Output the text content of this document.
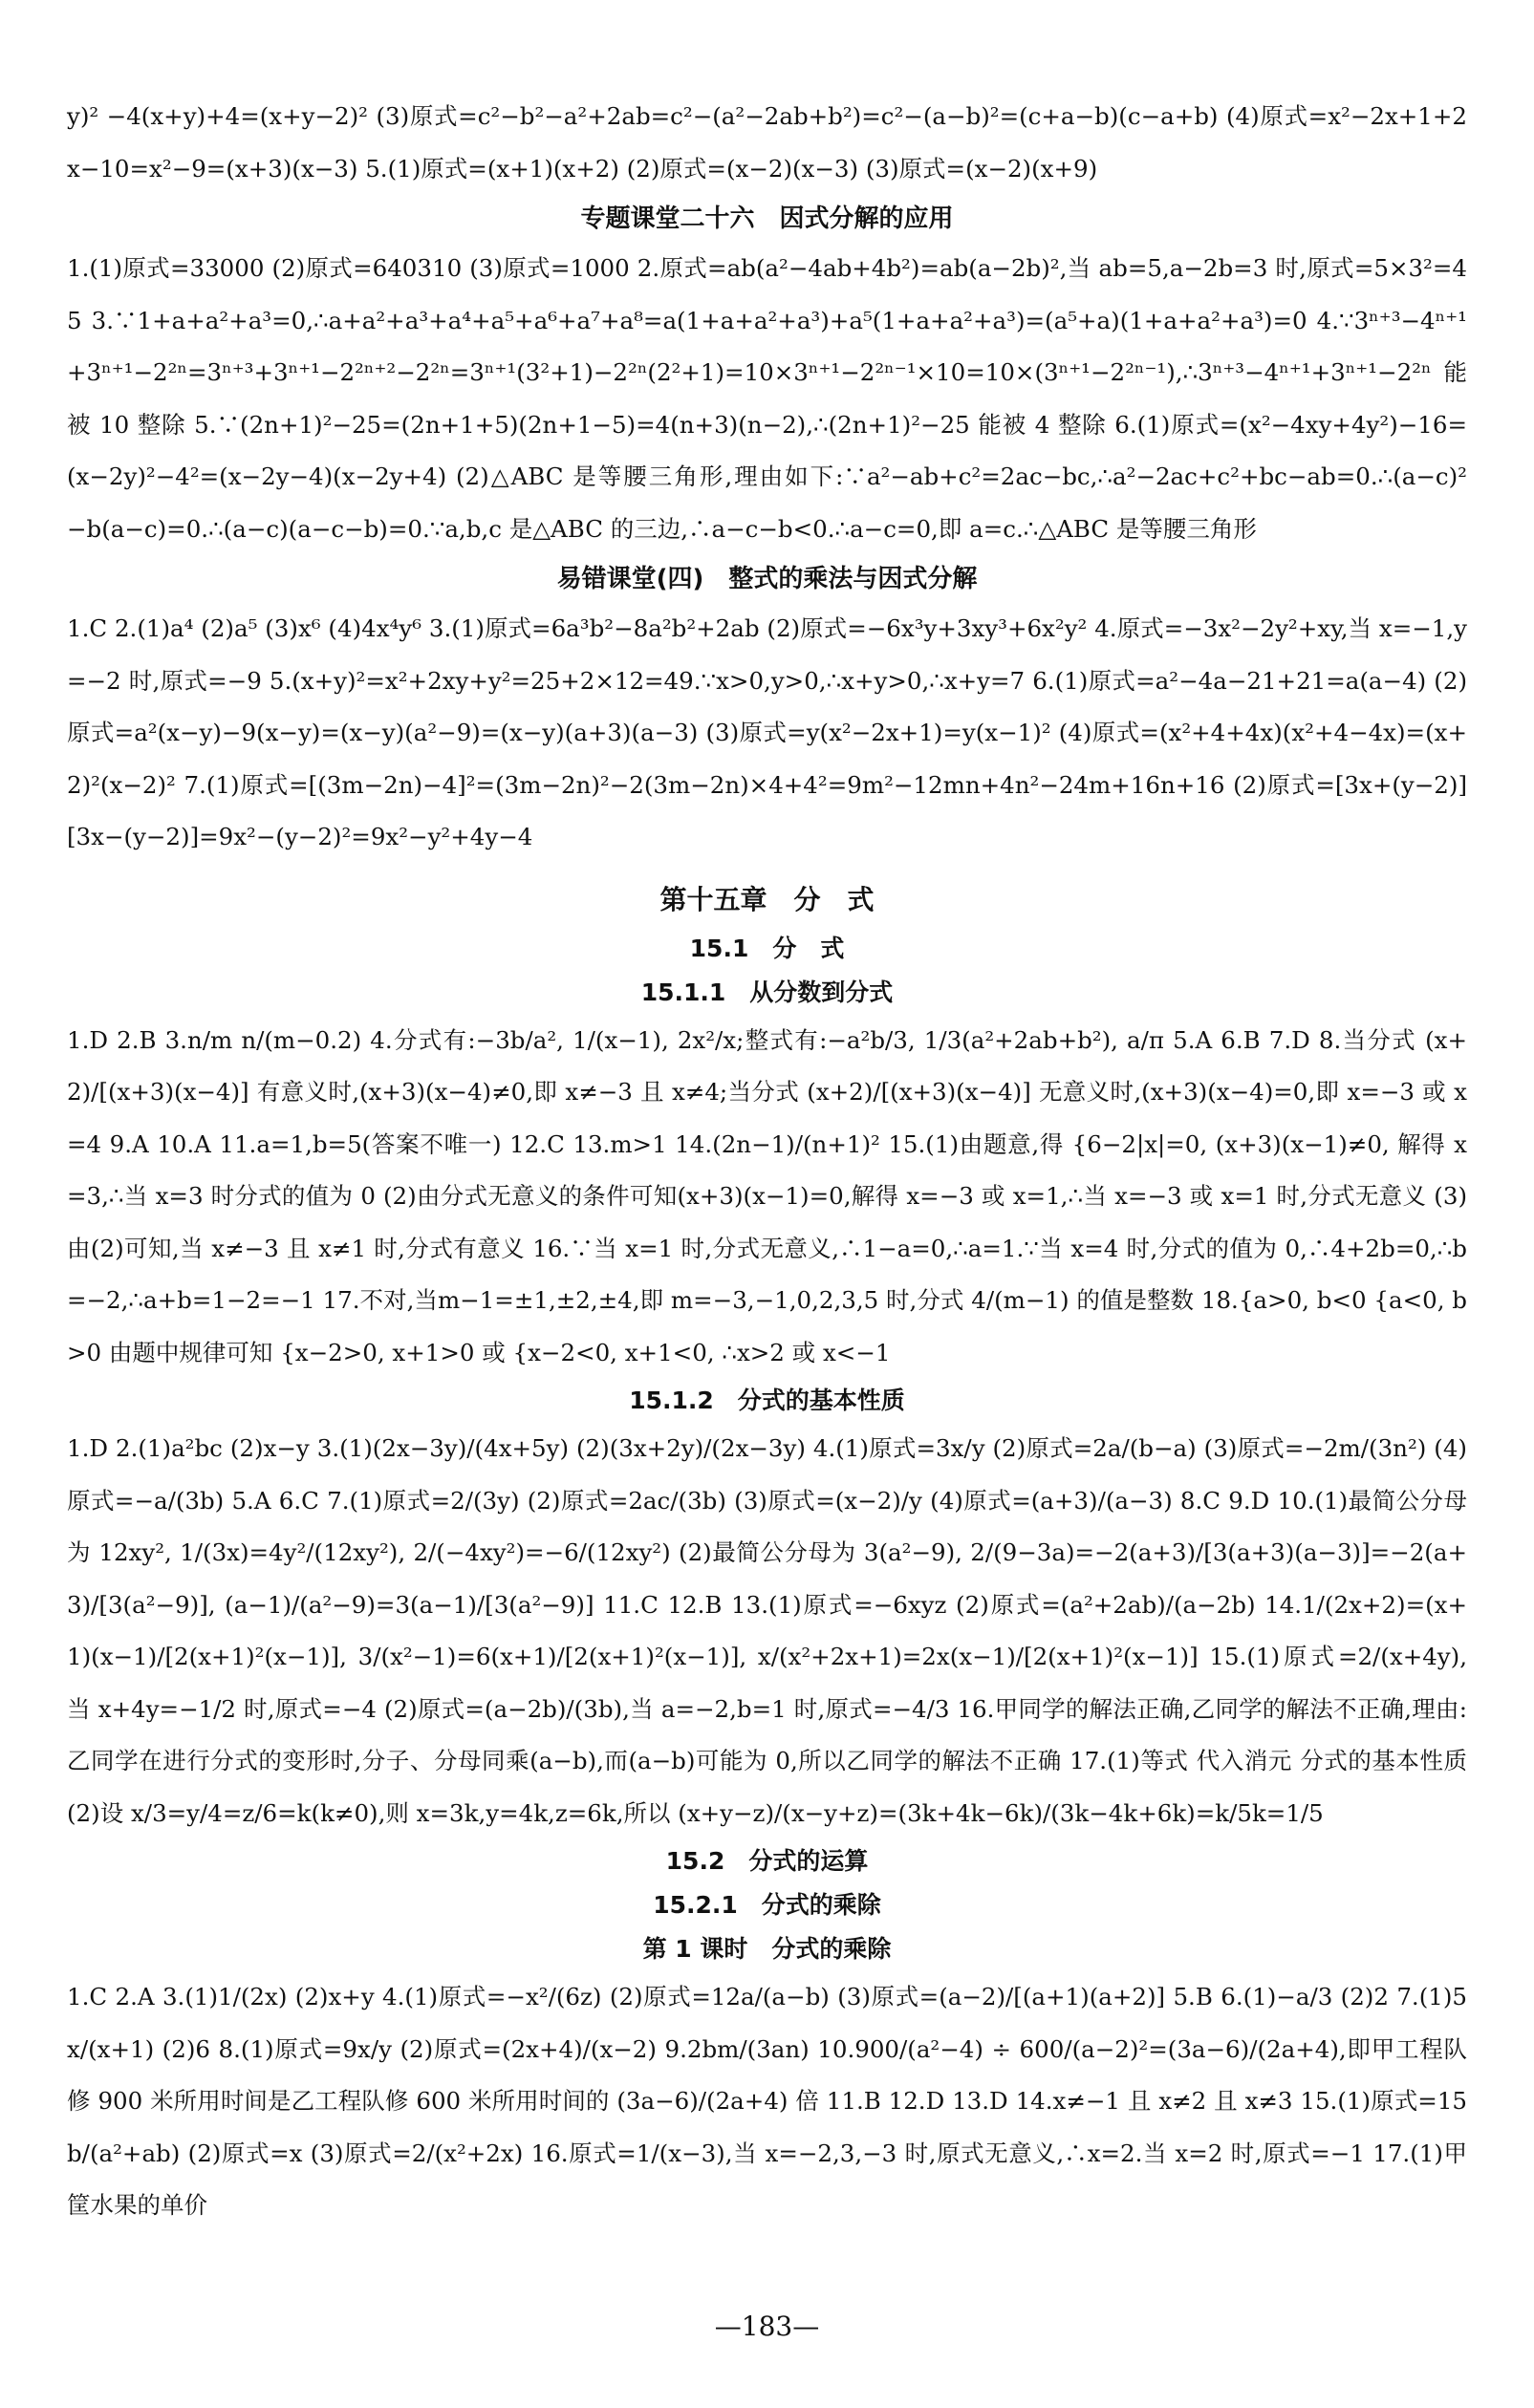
y)² −4(x+y)+4=(x+y−2)² (3)原式=c²−b²−a²+2ab=c²−(a²−2ab+b²)=c²−(a−b)²=(c+a−b)(c−a+b) (4)原式=x²−2x+1+2x−10=x²−9=(x+3)(x−3) 5.(1)原式=(x+1)(x+2) (2)原式=(x−2)(x−3) (3)原式=(x−2)(x+9)

专题课堂二十六　因式分解的应用

1.(1)原式=33000 (2)原式=640310 (3)原式=1000 2.原式=ab(a²−4ab+4b²)=ab(a−2b)²,当 ab=5,a−2b=3 时,原式=5×3²=45 3.∵1+a+a²+a³=0,∴a+a²+a³+a⁴+a⁵+a⁶+a⁷+a⁸=a(1+a+a²+a³)+a⁵(1+a+a²+a³)=(a⁵+a)(1+a+a²+a³)=0 4.∵3ⁿ⁺³−4ⁿ⁺¹+3ⁿ⁺¹−2²ⁿ=3ⁿ⁺³+3ⁿ⁺¹−2²ⁿ⁺²−2²ⁿ=3ⁿ⁺¹(3²+1)−2²ⁿ(2²+1)=10×3ⁿ⁺¹−2²ⁿ⁻¹×10=10×(3ⁿ⁺¹−2²ⁿ⁻¹),∴3ⁿ⁺³−4ⁿ⁺¹+3ⁿ⁺¹−2²ⁿ能被 10 整除 5.∵(2n+1)²−25=(2n+1+5)(2n+1−5)=4(n+3)(n−2),∴(2n+1)²−25 能被 4 整除 6.(1)原式=(x²−4xy+4y²)−16=(x−2y)²−4²=(x−2y−4)(x−2y+4) (2)△ABC 是等腰三角形,理由如下:∵a²−ab+c²=2ac−bc,∴a²−2ac+c²+bc−ab=0.∴(a−c)²−b(a−c)=0.∴(a−c)(a−c−b)=0.∵a,b,c 是△ABC 的三边,∴a−c−b<0.∴a−c=0,即 a=c.∴△ABC 是等腰三角形

易错课堂(四)　整式的乘法与因式分解

1.C 2.(1)a⁴ (2)a⁵ (3)x⁶ (4)4x⁴y⁶ 3.(1)原式=6a³b²−8a²b²+2ab (2)原式=−6x³y+3xy³+6x²y² 4.原式=−3x²−2y²+xy,当 x=−1,y=−2 时,原式=−9 5.(x+y)²=x²+2xy+y²=25+2×12=49.∵x>0,y>0,∴x+y>0,∴x+y=7 6.(1)原式=a²−4a−21+21=a(a−4) (2)原式=a²(x−y)−9(x−y)=(x−y)(a²−9)=(x−y)(a+3)(a−3) (3)原式=y(x²−2x+1)=y(x−1)² (4)原式=(x²+4+4x)(x²+4−4x)=(x+2)²(x−2)² 7.(1)原式=[(3m−2n)−4]²=(3m−2n)²−2(3m−2n)×4+4²=9m²−12mn+4n²−24m+16n+16 (2)原式=[3x+(y−2)][3x−(y−2)]=9x²−(y−2)²=9x²−y²+4y−4

第十五章　分　式
15.1　分　式
15.1.1　从分数到分式

1.D 2.B 3.n/m n/(m−0.2) 4.分式有:−3b/a², 1/(x−1), 2x²/x;整式有:−a²b/3, 1/3(a²+2ab+b²), a/π 5.A 6.B 7.D 8.当分式 (x+2)/[(x+3)(x−4)] 有意义时,(x+3)(x−4)≠0,即 x≠−3 且 x≠4;当分式 (x+2)/[(x+3)(x−4)] 无意义时,(x+3)(x−4)=0,即 x=−3 或 x=4 9.A 10.A 11.a=1,b=5(答案不唯一) 12.C 13.m>1 14.(2n−1)/(n+1)² 15.(1)由题意,得 {6−2|x|=0, (x+3)(x−1)≠0, 解得 x=3,∴当 x=3 时分式的值为 0 (2)由分式无意义的条件可知(x+3)(x−1)=0,解得 x=−3 或 x=1,∴当 x=−3 或 x=1 时,分式无意义 (3)由(2)可知,当 x≠−3 且 x≠1 时,分式有意义 16.∵当 x=1 时,分式无意义,∴1−a=0,∴a=1.∵当 x=4 时,分式的值为 0,∴4+2b=0,∴b=−2,∴a+b=1−2=−1 17.不对,当m−1=±1,±2,±4,即 m=−3,−1,0,2,3,5 时,分式 4/(m−1) 的值是整数 18.{a>0, b<0 {a<0, b>0 由题中规律可知 {x−2>0, x+1>0 或 {x−2<0, x+1<0, ∴x>2 或 x<−1

15.1.2　分式的基本性质

1.D 2.(1)a²bc (2)x−y 3.(1)(2x−3y)/(4x+5y) (2)(3x+2y)/(2x−3y) 4.(1)原式=3x/y (2)原式=2a/(b−a) (3)原式=−2m/(3n²) (4)原式=−a/(3b) 5.A 6.C 7.(1)原式=2/(3y) (2)原式=2ac/(3b) (3)原式=(x−2)/y (4)原式=(a+3)/(a−3) 8.C 9.D 10.(1)最简公分母为 12xy², 1/(3x)=4y²/(12xy²), 2/(−4xy²)=−6/(12xy²) (2)最简公分母为 3(a²−9), 2/(9−3a)=−2(a+3)/[3(a+3)(a−3)]=−2(a+3)/[3(a²−9)], (a−1)/(a²−9)=3(a−1)/[3(a²−9)] 11.C 12.B 13.(1)原式=−6xyz (2)原式=(a²+2ab)/(a−2b) 14.1/(2x+2)=(x+1)(x−1)/[2(x+1)²(x−1)], 3/(x²−1)=6(x+1)/[2(x+1)²(x−1)], x/(x²+2x+1)=2x(x−1)/[2(x+1)²(x−1)] 15.(1)原式=2/(x+4y),当 x+4y=−1/2 时,原式=−4 (2)原式=(a−2b)/(3b),当 a=−2,b=1 时,原式=−4/3 16.甲同学的解法正确,乙同学的解法不正确,理由:乙同学在进行分式的变形时,分子、分母同乘(a−b),而(a−b)可能为 0,所以乙同学的解法不正确 17.(1)等式 代入消元 分式的基本性质 (2)设 x/3=y/4=z/6=k(k≠0),则 x=3k,y=4k,z=6k,所以 (x+y−z)/(x−y+z)=(3k+4k−6k)/(3k−4k+6k)=k/5k=1/5

15.2　分式的运算
15.2.1　分式的乘除
第 1 课时　分式的乘除

1.C 2.A 3.(1)1/(2x) (2)x+y 4.(1)原式=−x²/(6z) (2)原式=12a/(a−b) (3)原式=(a−2)/[(a+1)(a+2)] 5.B 6.(1)−a/3 (2)2 7.(1)5x/(x+1) (2)6 8.(1)原式=9x/y (2)原式=(2x+4)/(x−2) 9.2bm/(3an) 10.900/(a²−4) ÷ 600/(a−2)²=(3a−6)/(2a+4),即甲工程队修 900 米所用时间是乙工程队修 600 米所用时间的 (3a−6)/(2a+4) 倍 11.B 12.D 13.D 14.x≠−1 且 x≠2 且 x≠3 15.(1)原式=15b/(a²+ab) (2)原式=x (3)原式=2/(x²+2x) 16.原式=1/(x−3),当 x=−2,3,−3 时,原式无意义,∴x=2.当 x=2 时,原式=−1 17.(1)甲筐水果的单价

—183—
